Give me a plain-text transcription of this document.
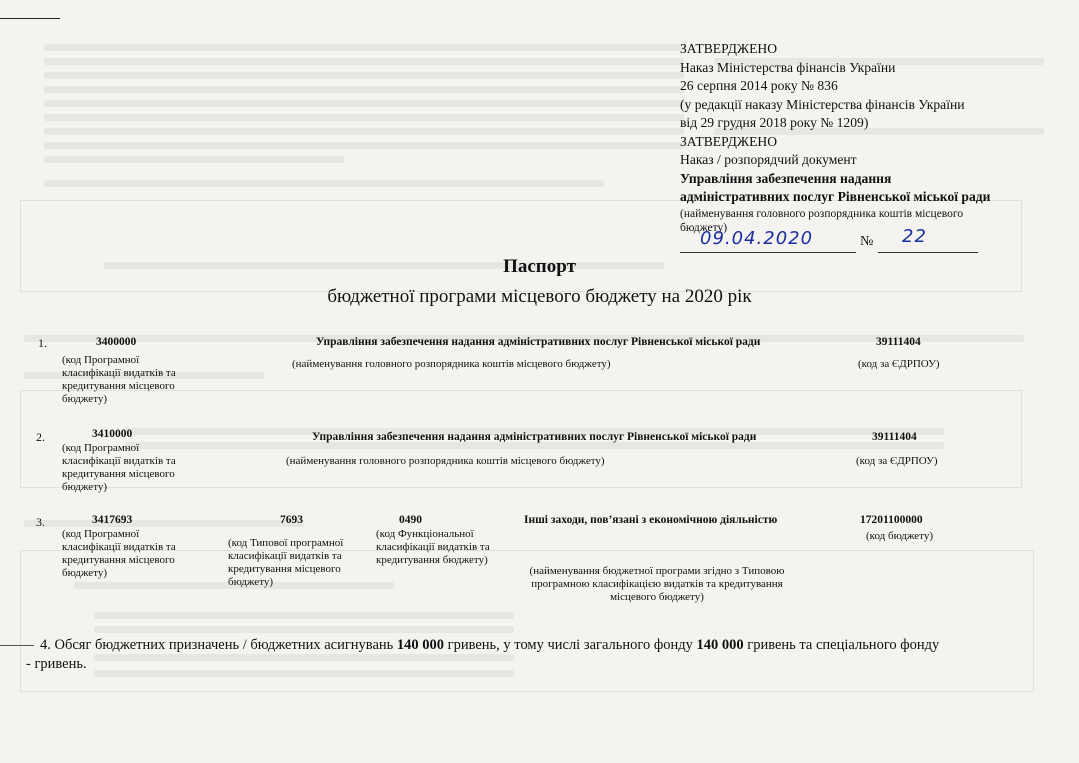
ЗАТВЕРДЖЕНО
Наказ Міністерства фінансів України
26 серпня 2014 року № 836
(у редакції наказу Міністерства фінансів України
від 29 грудня 2018 року № 1209)
ЗАТВЕРДЖЕНО
Наказ / розпорядчий документ
Управління забезпечення надання
адміністративних послуг Рівненської міської ради
(найменування головного розпорядника коштів місцевого бюджету)
09.04.2020	№ 22
Паспорт
бюджетної програми місцевого бюджету на 2020 рік
1.	3400000
(код Програмної класифікації видатків та кредитування місцевого бюджету)
Управління забезпечення надання адміністративних послуг Рівненської міської ради
(найменування головного розпорядника коштів місцевого бюджету)
39111404
(код за ЄДРПОУ)
2.	3410000
(код Програмної класифікації видатків та кредитування місцевого бюджету)
Управління забезпечення надання адміністративних послуг Рівненської міської ради
(найменування головного розпорядника коштів місцевого бюджету)
39111404
(код за ЄДРПОУ)
3.	3417693
(код Програмної класифікації видатків та кредитування місцевого бюджету)
7693
(код Типової програмної класифікації видатків та кредитування місцевого бюджету)
0490
(код Функціональної класифікації видатків та кредитування бюджету)
Інші заходи, пов’язані з економічною діяльністю
(найменування бюджетної програми згідно з Типовою програмною класифікацією видатків та кредитування місцевого бюджету)
17201100000
(код бюджету)
4. Обсяг бюджетних призначень / бюджетних асигнувань 140 000 гривень, у тому числі загального фонду 140 000 гривень та спеціального фонду
- гривень.
